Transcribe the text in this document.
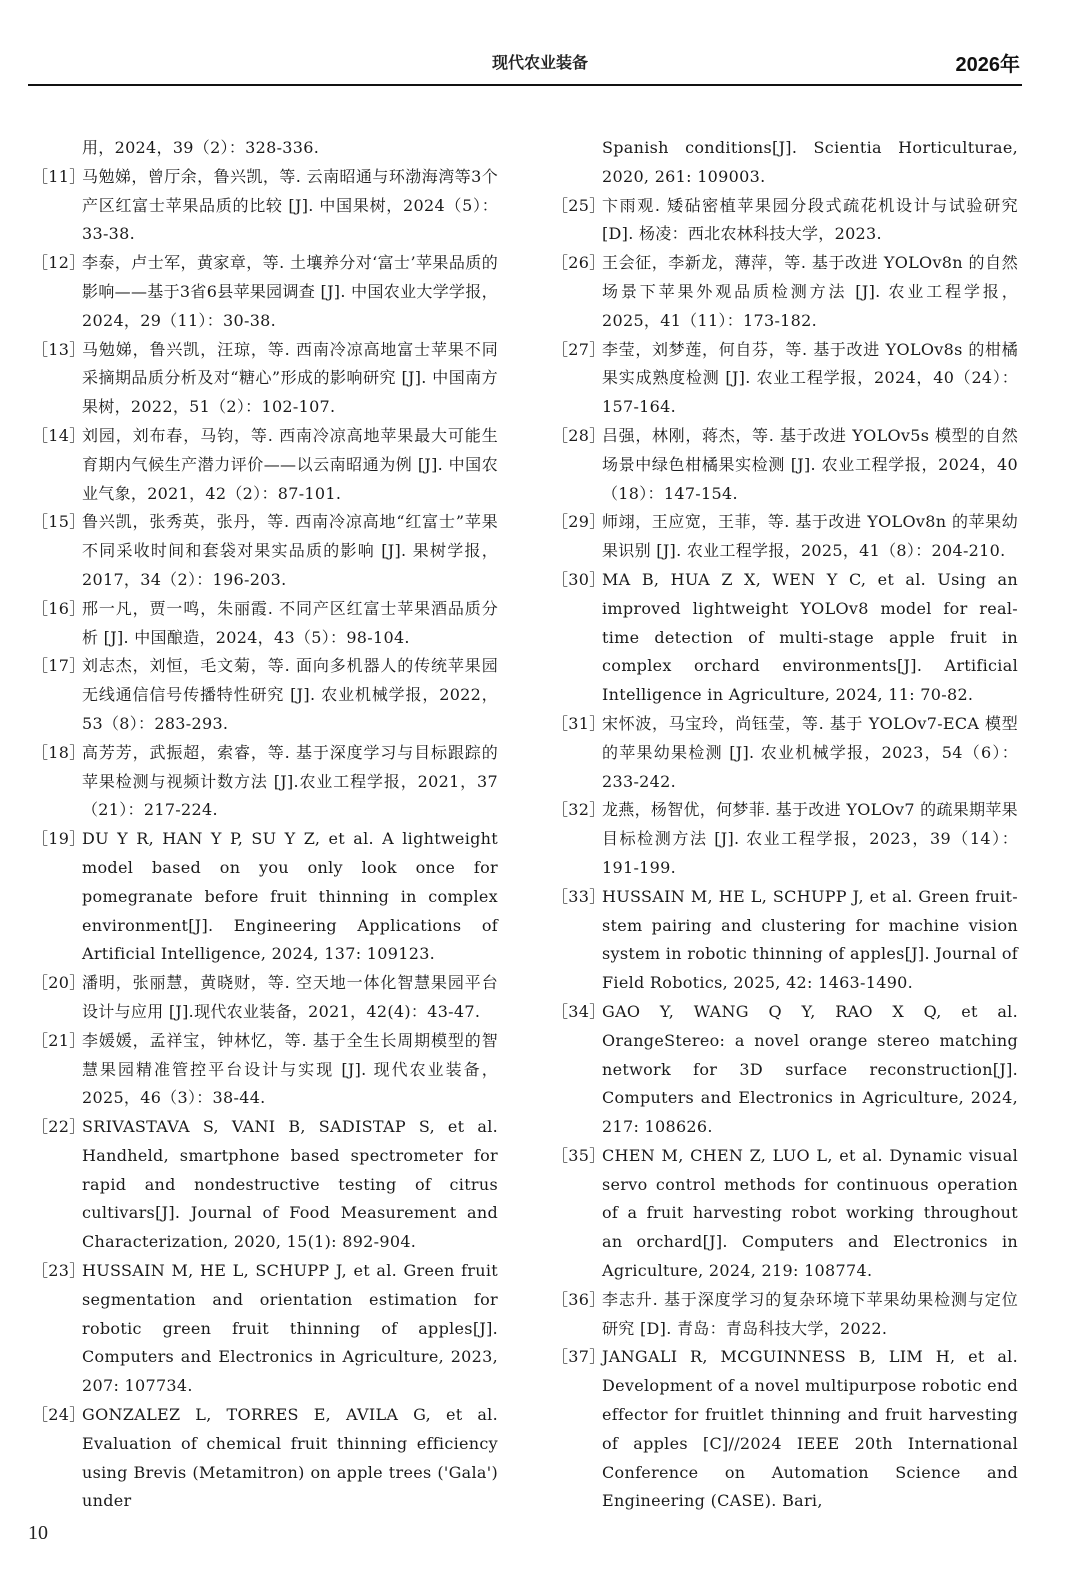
现代农业装备	2026年
用，2024，39（2）：328-336.
［11］
马勉娣，曾厅余，鲁兴凯，等. 云南昭通与环渤海湾等3个产区红富士苹果品质的比较 [J]. 中国果树，2024（5）：33-38.
［12］
李泰，卢士军，黄家章，等. 土壤养分对‘富士’苹果品质的影响——基于3省6县苹果园调查 [J]. 中国农业大学学报，2024，29（11）：30-38.
［13］
马勉娣，鲁兴凯，汪琼，等. 西南冷凉高地富士苹果不同采摘期品质分析及对“糖心”形成的影响研究 [J]. 中国南方果树，2022，51（2）：102-107.
［14］
刘园，刘布春，马钧，等. 西南冷凉高地苹果最大可能生育期内气候生产潜力评价——以云南昭通为例 [J]. 中国农业气象，2021，42（2）：87-101.
［15］
鲁兴凯，张秀英，张丹，等. 西南冷凉高地“红富士”苹果不同采收时间和套袋对果实品质的影响 [J]. 果树学报，2017，34（2）：196-203.
［16］
邢一凡，贾一鸣，朱丽霞. 不同产区红富士苹果酒品质分析 [J]. 中国酿造，2024，43（5）：98-104.
［17］
刘志杰，刘恒，毛文菊，等. 面向多机器人的传统苹果园无线通信信号传播特性研究 [J]. 农业机械学报，2022，53（8）：283-293.
［18］
高芳芳，武振超，索睿，等. 基于深度学习与目标跟踪的苹果检测与视频计数方法 [J].农业工程学报，2021，37（21）：217-224.
［19］
DU Y R, HAN Y P, SU Y Z, et al. A lightweight model based on you only look once for pomegranate before fruit thinning in complex environment[J]. Engineering Applications of Artificial Intelligence, 2024, 137: 109123.
［20］
潘明，张丽慧，黄晓财，等. 空天地一体化智慧果园平台设计与应用 [J].现代农业装备，2021，42(4)：43-47.
［21］
李媛媛，孟祥宝，钟林忆，等. 基于全生长周期模型的智慧果园精准管控平台设计与实现 [J]. 现代农业装备，2025，46（3）：38-44.
［22］
SRIVASTAVA S, VANI B, SADISTAP S, et al. Handheld, smartphone based spectrometer for rapid and nondestructive testing of citrus cultivars[J]. Journal of Food Measurement and Characterization, 2020, 15(1): 892-904.
［23］
HUSSAIN M, HE L, SCHUPP J, et al. Green fruit segmentation and orientation estimation for robotic green fruit thinning of apples[J]. Computers and Electronics in Agriculture, 2023, 207: 107734.
［24］
GONZALEZ L, TORRES E, AVILA G, et al. Evaluation of chemical fruit thinning efficiency using Brevis (Metamitron) on apple trees ('Gala') under
Spanish conditions[J]. Scientia Horticulturae, 2020, 261: 109003.
［25］
卞雨观. 矮砧密植苹果园分段式疏花机设计与试验研究 [D]. 杨凌：西北农林科技大学，2023.
［26］
王会征，李新龙，薄萍，等. 基于改进 YOLOv8n 的自然场景下苹果外观品质检测方法 [J]. 农业工程学报，2025，41（11）：173-182.
［27］
李莹，刘梦莲，何自芬，等. 基于改进 YOLOv8s 的柑橘果实成熟度检测 [J]. 农业工程学报，2024，40（24）：157-164.
［28］
吕强，林刚，蒋杰，等. 基于改进 YOLOv5s 模型的自然场景中绿色柑橘果实检测 [J]. 农业工程学报，2024，40（18）：147-154.
［29］
师翊，王应宽，王菲，等. 基于改进 YOLOv8n 的苹果幼果识别 [J]. 农业工程学报，2025，41（8）：204-210.
［30］
MA B, HUA Z X, WEN Y C, et al. Using an improved lightweight YOLOv8 model for real-time detection of multi-stage apple fruit in complex orchard environments[J]. Artificial Intelligence in Agriculture, 2024, 11: 70-82.
［31］
宋怀波，马宝玲，尚钰莹，等. 基于 YOLOv7-ECA 模型的苹果幼果检测 [J]. 农业机械学报，2023，54（6）：233-242.
［32］
龙燕，杨智优，何梦菲. 基于改进 YOLOv7 的疏果期苹果目标检测方法 [J]. 农业工程学报，2023，39（14）：191-199.
［33］
HUSSAIN M, HE L, SCHUPP J, et al. Green fruit-stem pairing and clustering for machine vision system in robotic thinning of apples[J]. Journal of Field Robotics, 2025, 42: 1463-1490.
［34］
GAO Y, WANG Q Y, RAO X Q, et al. OrangeStereo: a novel orange stereo matching network for 3D surface reconstruction[J]. Computers and Electronics in Agriculture, 2024, 217: 108626.
［35］
CHEN M, CHEN Z, LUO L, et al. Dynamic visual servo control methods for continuous operation of a fruit harvesting robot working throughout an orchard[J]. Computers and Electronics in Agriculture, 2024, 219: 108774.
［36］
李志升. 基于深度学习的复杂环境下苹果幼果检测与定位研究 [D]. 青岛：青岛科技大学，2022.
［37］
JANGALI R, MCGUINNESS B, LIM H, et al. Development of a novel multipurpose robotic end effector for fruitlet thinning and fruit harvesting of apples [C]//2024 IEEE 20th International Conference on Automation Science and Engineering (CASE). Bari,
10
